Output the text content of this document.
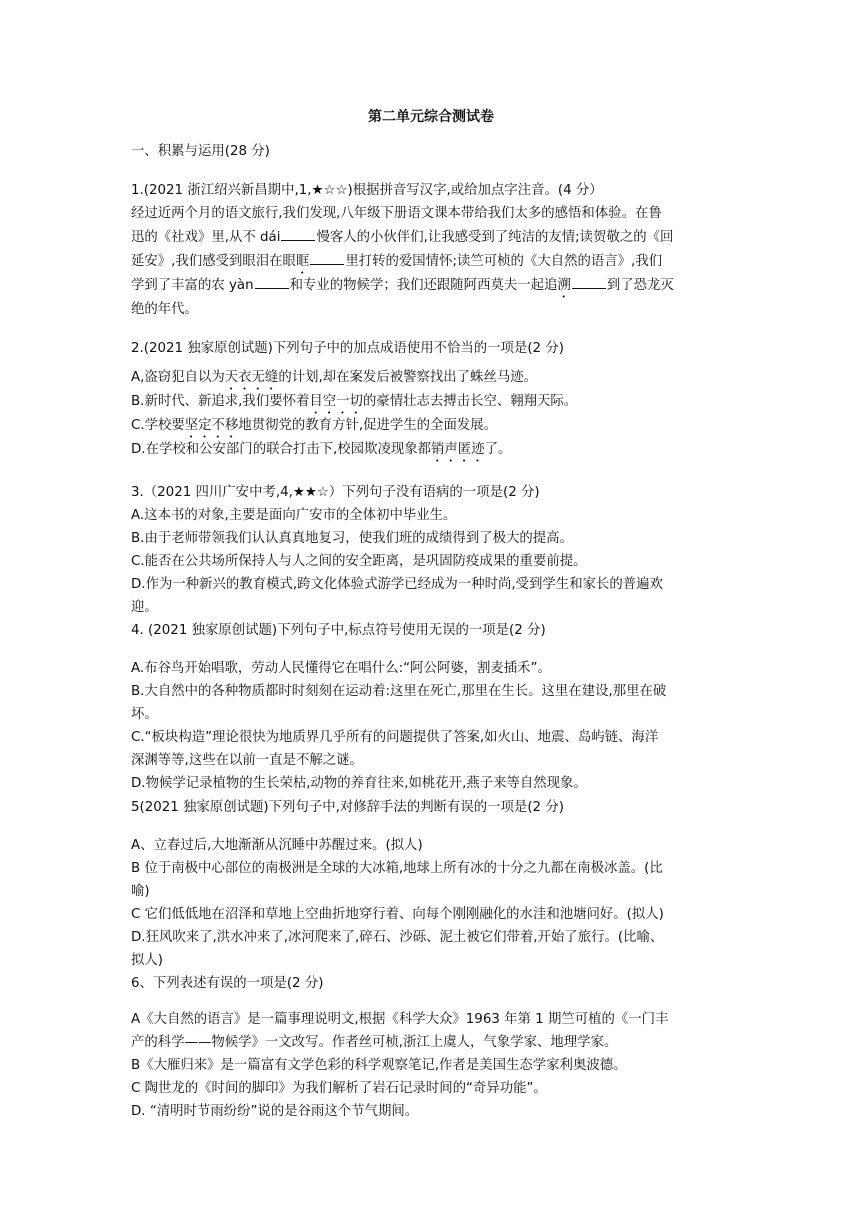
第二单元综合测试卷
一、积累与运用(28 分)
1.(2021 浙江绍兴新昌期中,1,★☆☆)根据拼音写汉字,或给加点字注音。(4 分）
经过近两个月的语文旅行,我们发现,八年级下册语文课本带给我们太多的感悟和体验。在鲁
迅的《社戏》里,从不 dái	慢客人的小伙伴们,让我感受到了纯洁的友情;读贺敬之的《回
延安》,我们感受到眼泪在眼眶	里打转的爱国情怀;读竺可桢的《大自然的语言》,我们
学到了丰富的农 yàn	和专业的物候学；我们还跟随阿西莫夫一起追溯	到了恐龙灭
绝的年代。
2.(2021 独家原创试题)下列句子中的加点成语使用不恰当的一项是(2 分)
A,盗窃犯自以为天衣无缝的计划,却在案发后被警察找出了蛛丝马迹。
B.新时代、新追求,我们要怀着目空一切的豪情壮志去搏击长空、翱翔天际。
C.学校要坚定不移地贯彻党的教育方针,促进学生的全面发展。
D.在学校和公安部门的联合打击下,校园欺凌现象都销声匿迹了。
3.（2021 四川广安中考,4,★★☆）下列句子没有语病的一项是(2 分)
A.这本书的对象,主要是面向广安市的全体初中毕业生。
B.由于老师带领我们认认真真地复习，使我们班的成绩得到了极大的提高。
C.能否在公共场所保持人与人之间的安全距离，是巩固防疫成果的重要前提。
D.作为一种新兴的教育模式,跨文化体验式游学已经成为一种时尚,受到学生和家长的普遍欢
迎。
4. (2021 独家原创试题)下列句子中,标点符号使用无误的一项是(2 分)
A.布谷鸟开始唱歌，劳动人民懂得它在唱什么:“阿公阿婆，割麦插禾”。
B.大自然中的各种物质都时时刻刻在运动着:这里在死亡,那里在生长。这里在建设,那里在破
坏。
C.“板块构造”理论很快为地质界几乎所有的问题提供了答案,如火山、地震、岛屿链、海洋
深渊等等,这些在以前一直是不解之谜。
D.物候学记录植物的生长荣枯,动物的养育往来,如桃花开,燕子来等自然现象。
5(2021 独家原创试题)下列句子中,对修辞手法的判断有误的一项是(2 分)
A、立春过后,大地渐渐从沉睡中苏醒过来。(拟人)
B 位于南极中心部位的南极洲是全球的大冰箱,地球上所有冰的十分之九都在南极冰盖。(比
喻)
C 它们低低地在沼泽和草地上空曲折地穿行着、向每个刚刚融化的水洼和池塘问好。(拟人)
D.狂风吹来了,洪水冲来了,冰河爬来了,碎石、沙砾、泥土被它们带着,开始了旅行。(比喻、
拟人)
6、下列表述有误的一项是(2 分)
A《大自然的语言》是一篇事理说明文,根据《科学大众》1963 年第 1 期竺可植的《一门丰
产的科学——物候学》一文改写。作者丝可桢,浙江上虞人，气象学家、地理学家。
B《大雁归来》是一篇富有文学色彩的科学观察笔记,作者是美国生态学家利奥波德。
C 陶世龙的《时间的脚印》为我们解析了岩石记录时间的“奇异功能”。
D. “清明时节雨纷纷”说的是谷雨这个节气期间。
